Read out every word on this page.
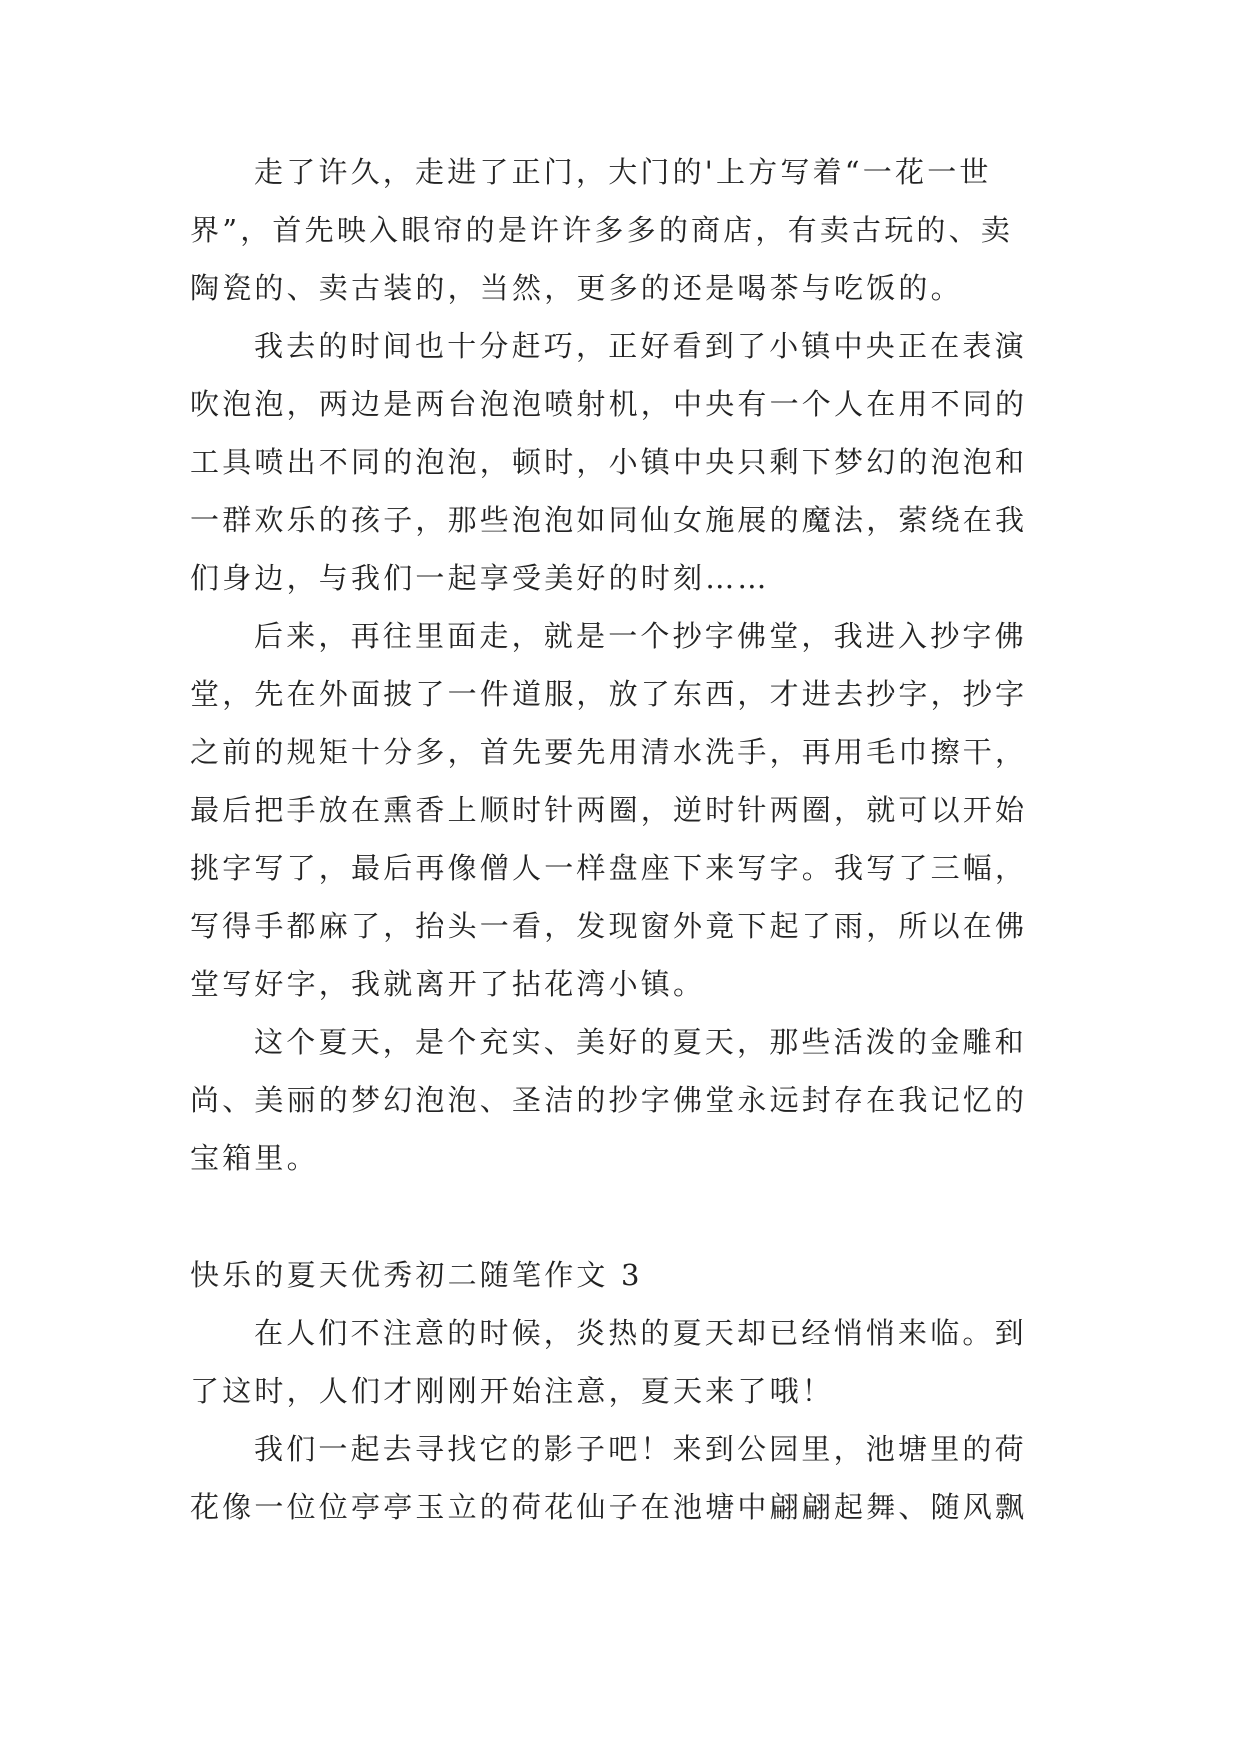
走了许久，走进了正门，大门的'上方写着“一花一世
界”，首先映入眼帘的是许许多多的商店，有卖古玩的、卖
陶瓷的、卖古装的，当然，更多的还是喝茶与吃饭的。
我去的时间也十分赶巧，正好看到了小镇中央正在表演
吹泡泡，两边是两台泡泡喷射机，中央有一个人在用不同的
工具喷出不同的泡泡，顿时，小镇中央只剩下梦幻的泡泡和
一群欢乐的孩子，那些泡泡如同仙女施展的魔法，萦绕在我
们身边，与我们一起享受美好的时刻……
后来，再往里面走，就是一个抄字佛堂，我进入抄字佛
堂，先在外面披了一件道服，放了东西，才进去抄字，抄字
之前的规矩十分多，首先要先用清水洗手，再用毛巾擦干，
最后把手放在熏香上顺时针两圈，逆时针两圈，就可以开始
挑字写了，最后再像僧人一样盘座下来写字。我写了三幅，
写得手都麻了，抬头一看，发现窗外竟下起了雨，所以在佛
堂写好字，我就离开了拈花湾小镇。
这个夏天，是个充实、美好的夏天，那些活泼的金雕和
尚、美丽的梦幻泡泡、圣洁的抄字佛堂永远封存在我记忆的
宝箱里。
快乐的夏天优秀初二随笔作文 3
在人们不注意的时候，炎热的夏天却已经悄悄来临。到
了这时，人们才刚刚开始注意，夏天来了哦！
我们一起去寻找它的影子吧！来到公园里，池塘里的荷
花像一位位亭亭玉立的荷花仙子在池塘中翩翩起舞、随风飘
